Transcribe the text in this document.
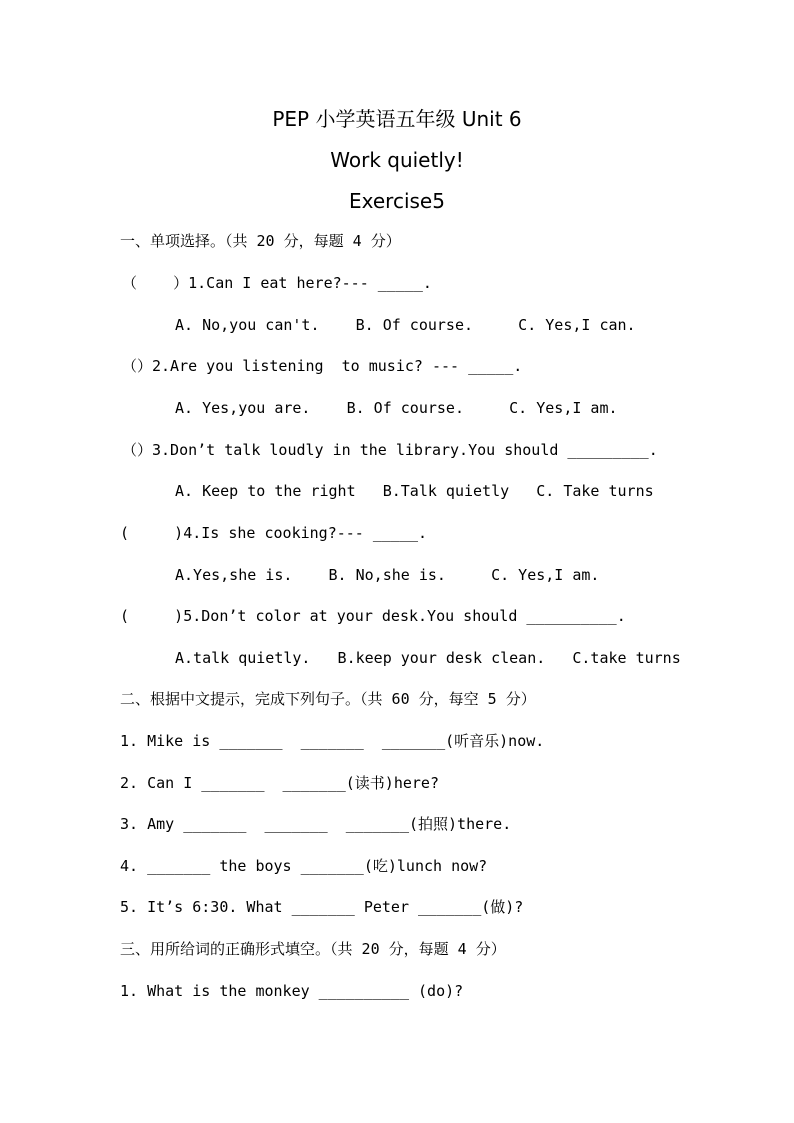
PEP 小学英语五年级 Unit 6
Work quietly!
Exercise5
一、单项选择。（共 20 分，每题 4 分）
（    ）1.Can I eat here?--- _____.
A. No,you can't.    B. Of course.     C. Yes,I can.
（）2.Are you listening  to music? --- _____.
A. Yes,you are.    B. Of course.     C. Yes,I am.
（）3.Don’t talk loudly in the library.You should _________.
A. Keep to the right   B.Talk quietly   C. Take turns
(     )4.Is she cooking?--- _____.
A.Yes,she is.    B. No,she is.     C. Yes,I am.
(     )5.Don’t color at your desk.You should __________.
A.talk quietly.   B.keep your desk clean.   C.take turns
二、根据中文提示，完成下列句子。（共 60 分，每空 5 分）
1. Mike is _______  _______  _______(听音乐)now.
2. Can I _______  _______(读书)here?
3. Amy _______  _______  _______(拍照)there.
4. _______ the boys _______(吃)lunch now?
5. It’s 6:30. What _______ Peter _______(做)?
三、用所给词的正确形式填空。（共 20 分，每题 4 分）
1. What is the monkey __________ (do)?
